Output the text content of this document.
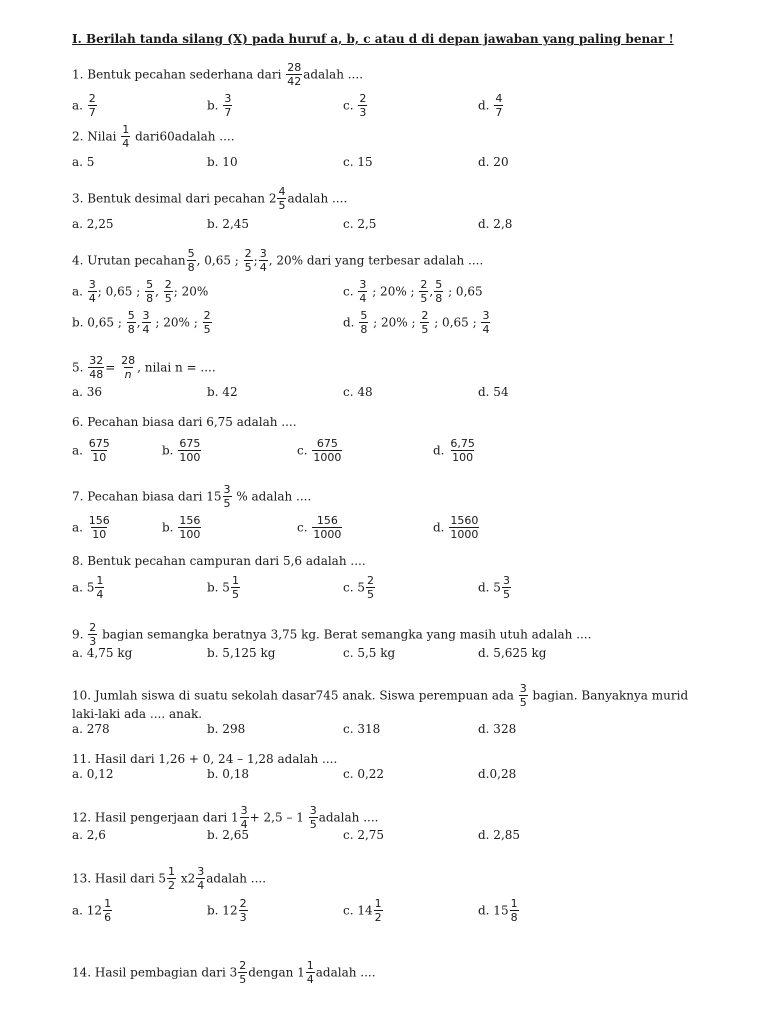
I. Berilah tanda silang (X) pada huruf a, b, c atau d di depan jawaban yang paling benar !
1. Bentuk pecahan sederhana dari $\frac{28}{42}$ adalah ....
a. $\frac{2}{7}$	b. $\frac{3}{7}$	c. $\frac{2}{3}$	d. $\frac{4}{7}$
2. Nilai $\frac{1}{4}$ dari60adalah ....
a. 5	b. 10	c. 15	d. 20
3. Bentuk desimal dari pecahan $2 \frac{4}{5}$ adalah ....
a. 2,25	b. 2,45	c. 2,5	d. 2,8
4. Urutan pecahan $\frac{5}{8}$ , 0,65 ; $\frac{2}{5}$ ; $\frac{3}{4}$ , 20% dari yang terbesar adalah ....
a. $\frac{3}{4}$ ; 0,65 ; $\frac{5}{8}$ , $\frac{2}{5}$ ; 20%	c. $\frac{3}{4}$ ; 20% ; $\frac{2}{5}$ , $\frac{5}{8}$ ; 0,65
b. 0,65 ; $\frac{5}{8}$ , $\frac{3}{4}$ ; 20% ; $\frac{2}{5}$	d. $\frac{5}{8}$ ; 20% ; $\frac{2}{5}$ ; 0,65 ; $\frac{3}{4}$
5. $\frac{32}{48} = \frac{28}{n}$ , nilai n = ....
a. 36	b. 42	c. 48	d. 54
6. Pecahan biasa dari 6,75 adalah ....
a. $\frac{675}{10}$	b. $\frac{675}{100}$	c. $\frac{675}{1000}$	d. $\frac{6,75}{100}$
7. Pecahan biasa dari $15 \frac{3}{5}$ % adalah ....
a. $\frac{156}{10}$	b. $\frac{156}{100}$	c. $\frac{156}{1000}$	d. $\frac{1560}{1000}$
8. Bentuk pecahan campuran dari 5,6 adalah ....
a. $5 \frac{1}{4}$	b. $5 \frac{1}{5}$	c. $5 \frac{2}{5}$	d. $5 \frac{3}{5}$
9. $\frac{2}{3}$ bagian semangka beratnya 3,75 kg. Berat semangka yang masih utuh adalah ....
a. 4,75 kg	b. 5,125 kg	c. 5,5 kg	d. 5,625 kg
10. Jumlah siswa di suatu sekolah dasar745 anak. Siswa perempuan ada $\frac{3}{5}$ bagian. Banyaknya murid
laki-laki ada .... anak.
a. 278	b. 298	c. 318	d. 328
11. Hasil dari 1,26 + 0, 24 – 1,28 adalah ....
a. 0,12	b. 0,18	c. 0,22	d.0,28
12. Hasil pengerjaan dari $1 \frac{3}{4} + 2,5 - 1 \frac{3}{5}$ adalah ....
a. 2,6	b. 2,65	c. 2,75	d. 2,85
13. Hasil dari $5 \frac{1}{2} x2 \frac{3}{4}$ adalah ....
a. $12 \frac{1}{6}$	b. $12 \frac{2}{3}$	c. $14 \frac{1}{2}$	d. $15 \frac{1}{8}$
14. Hasil pembagian dari $3 \frac{2}{5}$ dengan $1 \frac{1}{4}$ adalah ....
